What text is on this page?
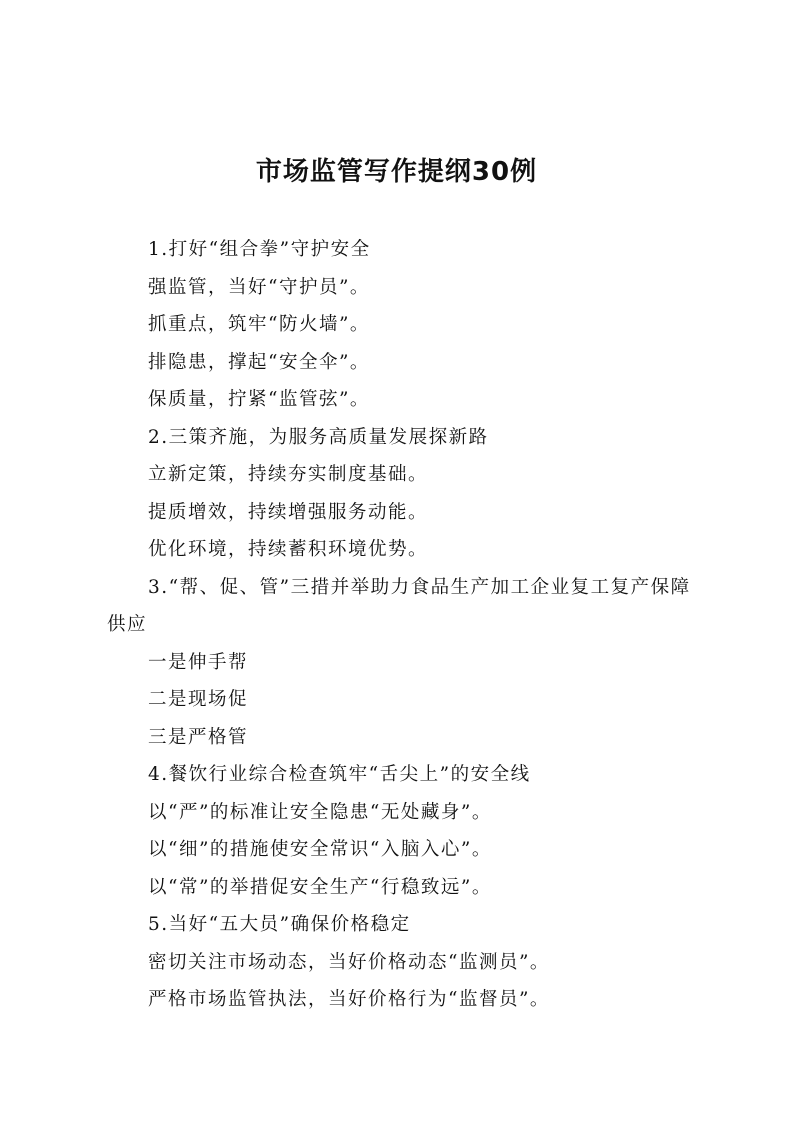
市场监管写作提纲30例

1.打好“组合拳”守护安全

强监管，当好“守护员”。

抓重点，筑牢“防火墙”。

排隐患，撑起“安全伞”。

保质量，拧紧“监管弦”。

2.三策齐施，为服务高质量发展探新路

立新定策，持续夯实制度基础。

提质增效，持续增强服务动能。

优化环境，持续蓄积环境优势。

3.“帮、促、管”三措并举助力食品生产加工企业复工复产保障供应

一是伸手帮

二是现场促

三是严格管

4.餐饮行业综合检查筑牢“舌尖上”的安全线

以“严”的标准让安全隐患“无处藏身”。

以“细”的措施使安全常识“入脑入心”。

以“常”的举措促安全生产“行稳致远”。

5.当好“五大员”确保价格稳定

密切关注市场动态，当好价格动态“监测员”。

严格市场监管执法，当好价格行为“监督员”。
